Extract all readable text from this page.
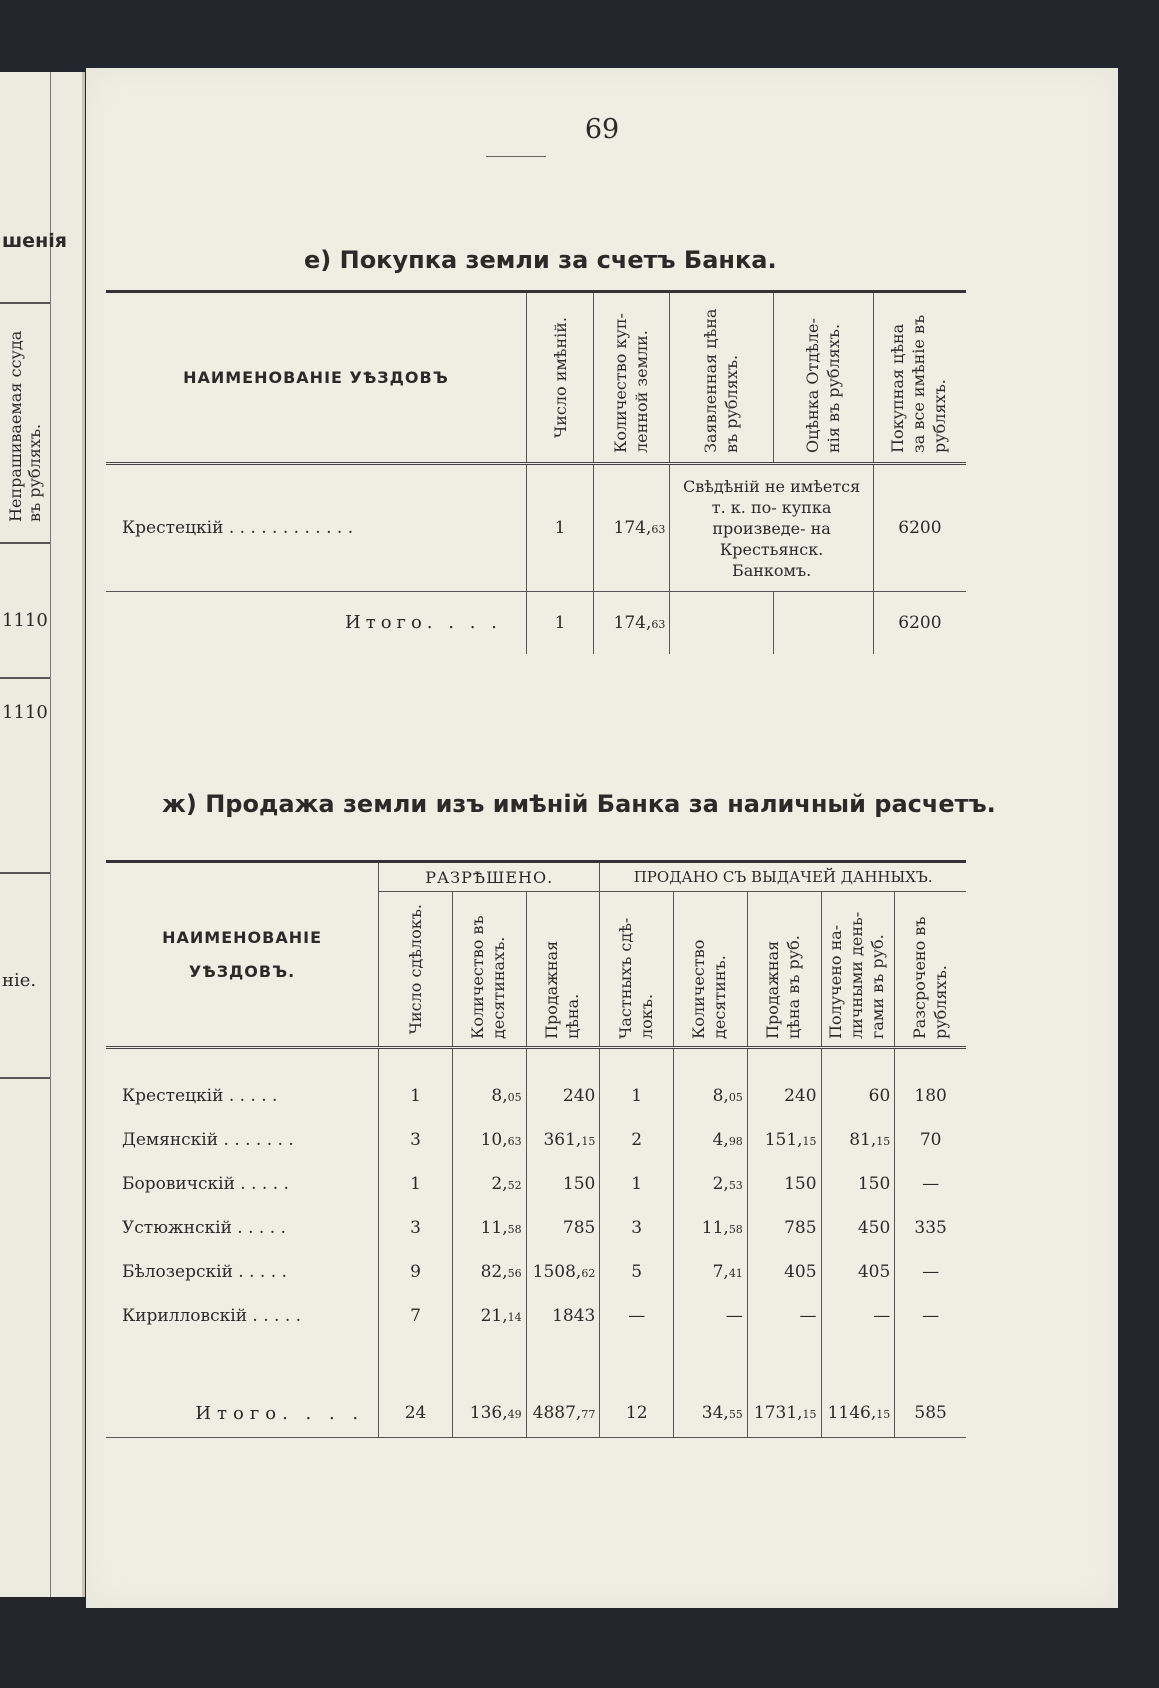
шенія
Непрашиваемая ссуда въ рубляхъ.
1110
1110
ніе.
69
е) Покупка земли за счетъ Банка.
НАИМЕНОВАНІЕ УѢЗДОВЪ	Число имѣній.	Количество куп- ленной земли.	Заявленная цѣна въ рубляхъ.	Оцѣнка Отдѣле- нія въ рубляхъ.	Покупная цѣна за все имѣніе въ рубляхъ.

Крестецкій . . . . . . . . . . . .	1	174,63	Свѣдѣній не имѣется т. к. по- купка произведе- на Крестьянск. Банкомъ.		6200
Итого. . . .	1	174,63			6200
ж) Продажа земли изъ имѣній Банка за наличный расчетъ.
НАИМЕНОВАНІЕ УѢЗДОВЪ.	РАЗРѢШЕНО.			ПРОДАНО СЪ ВЫДАЧЕЙ ДАННЫХЪ.				

	Число сдѣлокъ.	Количество въ десятинахъ.	Продажная цѣна.	Частныхъ сдѣ- локъ.	Количество десятинъ.	Продажная цѣна въ руб.	Получено на- личными день- гами въ руб.	Разсрочено въ рубляхъ.

Крестецкій . . . . .	1	8,05	240	1	8,05	240	60	180
Демянскій . . . . . . .	3	10,63	361,15	2	4,98	151,15	81,15	70
Боровичскій . . . . .	1	2,52	150	1	2,53	150	150	—
Устюжнскій . . . . .	3	11,58	785	3	11,58	785	450	335
Бѣлозерскій . . . . .	9	82,56	1508,62	5	7,41	405	405	—
Кирилловскій . . . . .	7	21,14	1843	—	—	—	—	—

Итого. . . .	24	136,49	4887,77	12	34,55	1731,15	1146,15	585
